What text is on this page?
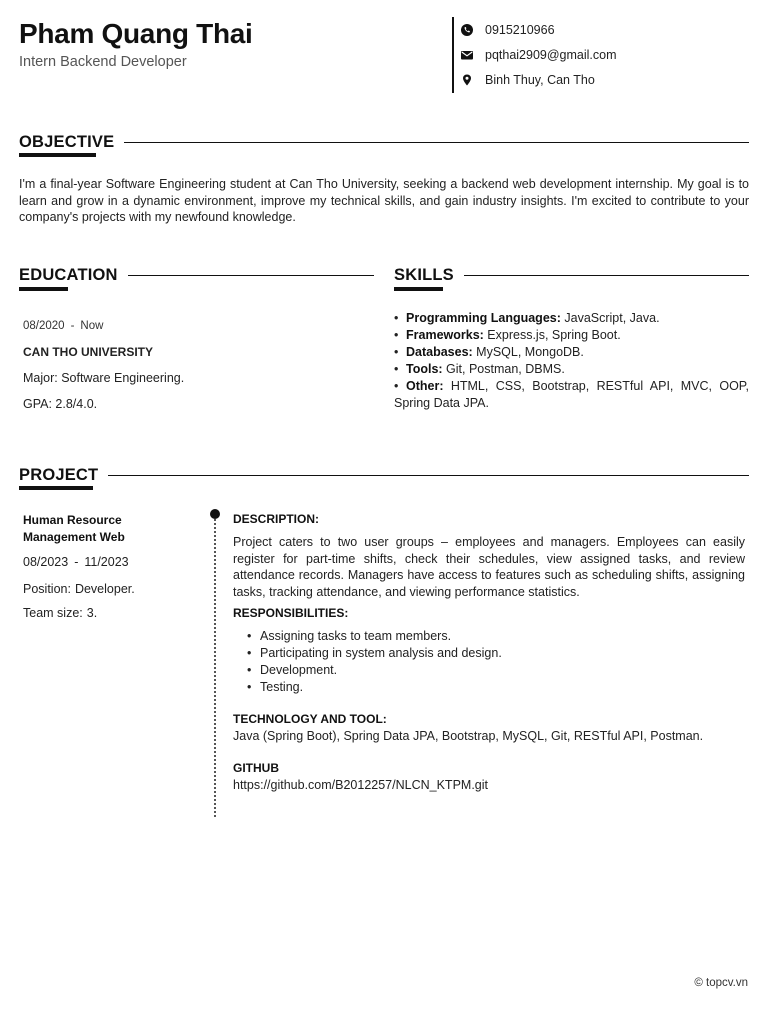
Pham Quang Thai
Intern Backend Developer
0915210966
pqthai2909@gmail.com
Binh Thuy, Can Tho
OBJECTIVE
I'm a final-year Software Engineering student at Can Tho University, seeking a backend web development internship. My goal is to learn and grow in a dynamic environment, improve my technical skills, and gain industry insights. I'm excited to contribute to your company's projects with my newfound knowledge.
EDUCATION
08/2020 - Now
CAN THO UNIVERSITY
Major: Software Engineering.
GPA: 2.8/4.0.
SKILLS
• Programming Languages: JavaScript, Java.
• Frameworks: Express.js, Spring Boot.
• Databases: MySQL, MongoDB.
• Tools: Git, Postman, DBMS.
• Other: HTML, CSS, Bootstrap, RESTful API, MVC, OOP, Spring Data JPA.
PROJECT
Human Resource Management Web
08/2023 - 11/2023
Position: Developer.
Team size: 3.
DESCRIPTION:
Project caters to two user groups – employees and managers. Employees can easily register for part-time shifts, check their schedules, view assigned tasks, and review attendance records. Managers have access to features such as scheduling shifts, assigning tasks, tracking attendance, and viewing performance statistics.
RESPONSIBILITIES:
• Assigning tasks to team members.
• Participating in system analysis and design.
• Development.
• Testing.
TECHNOLOGY AND TOOL:
Java (Spring Boot), Spring Data JPA, Bootstrap, MySQL, Git, RESTful API, Postman.
GITHUB
https://github.com/B2012257/NLCN_KTPM.git
© topcv.vn
